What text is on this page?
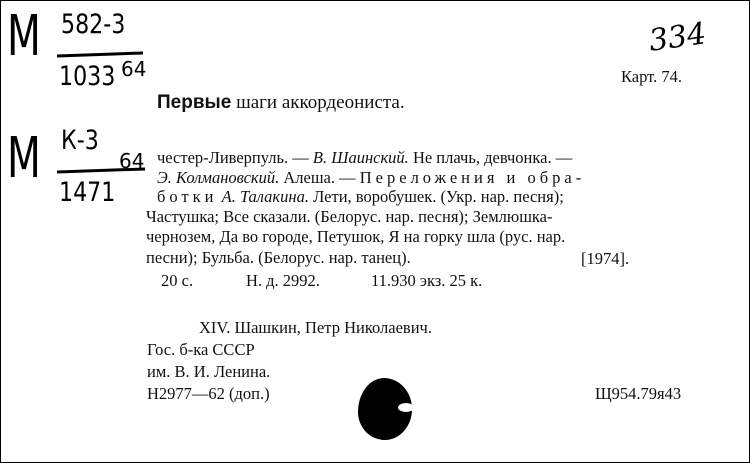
М 582-3
1033 64
М К-3
1471
64
334
Карт. 74.
Первые шаги аккордеониста.
честер-Ливерпуль. — В. Шаинский. Не плачь, девчонка. —
Э. Колмановский. Алеша. — Переложения и обра-
ботки А. Талакина. Лети, воробушек. (Укр. нар. песня);
Частушка; Все сказали. (Белорус. нар. песня); Землюшка-
чернозем, Да во городе, Петушок, Я на горку шла (рус. нар.
песни); Бульба. (Белорус. нар. танец).	[1974].
20 с.	Н. д. 2992.	11.930 экз. 25 к.
XIV. Шашкин, Петр Николаевич.
Гос. б-ка СССР
им. В. И. Ленина.
Н2977—62 (доп.)	Щ954.79я43
